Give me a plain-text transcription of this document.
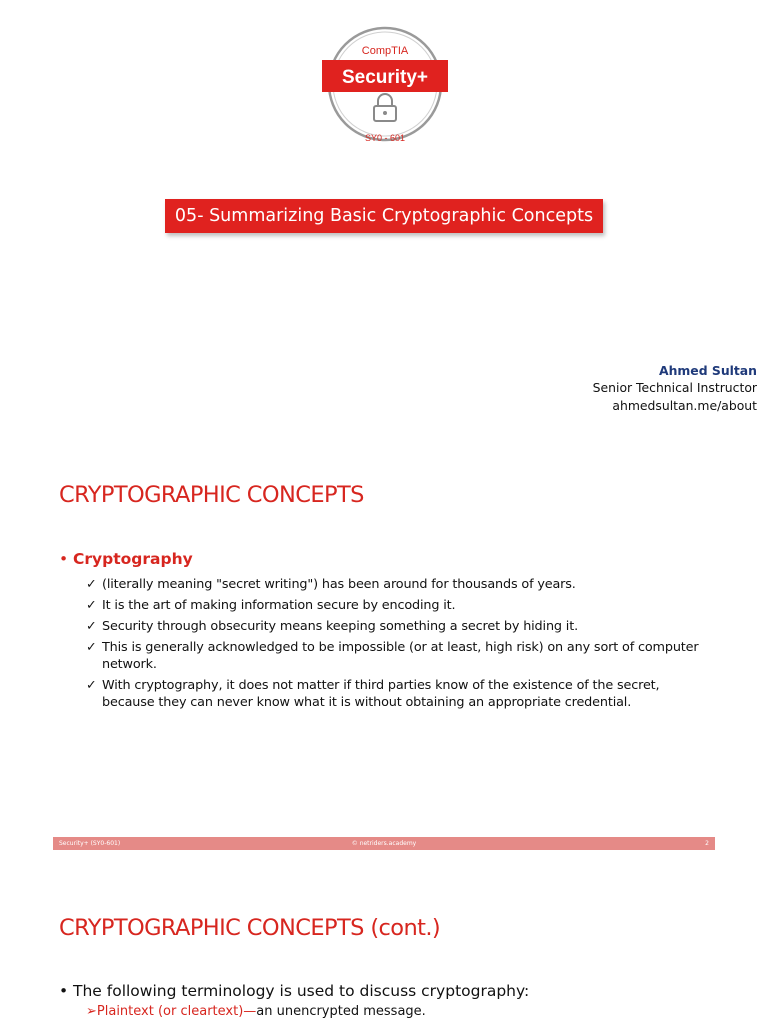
CompTIA
Security+
SY0 - 601
05- Summarizing Basic Cryptographic Concepts
Ahmed Sultan
Senior Technical Instructor
ahmedsultan.me/about
CRYPTOGRAPHIC CONCEPTS
• Cryptography
✓ (literally meaning "secret writing") has been around for thousands of years.
✓ It is the art of making information secure by encoding it.
✓ Security through obsecurity means keeping something a secret by hiding it.
✓ This is generally acknowledged to be impossible (or at least, high risk) on any sort of computer network.
✓ With cryptography, it does not matter if third parties know of the existence of the secret, because they can never know what it is without obtaining an appropriate credential.
Security+ (SY0-601)	© netriders.academy	2
CRYPTOGRAPHIC CONCEPTS (cont.)
• The following terminology is used to discuss cryptography:
➢Plaintext (or cleartext)—an unencrypted message.
